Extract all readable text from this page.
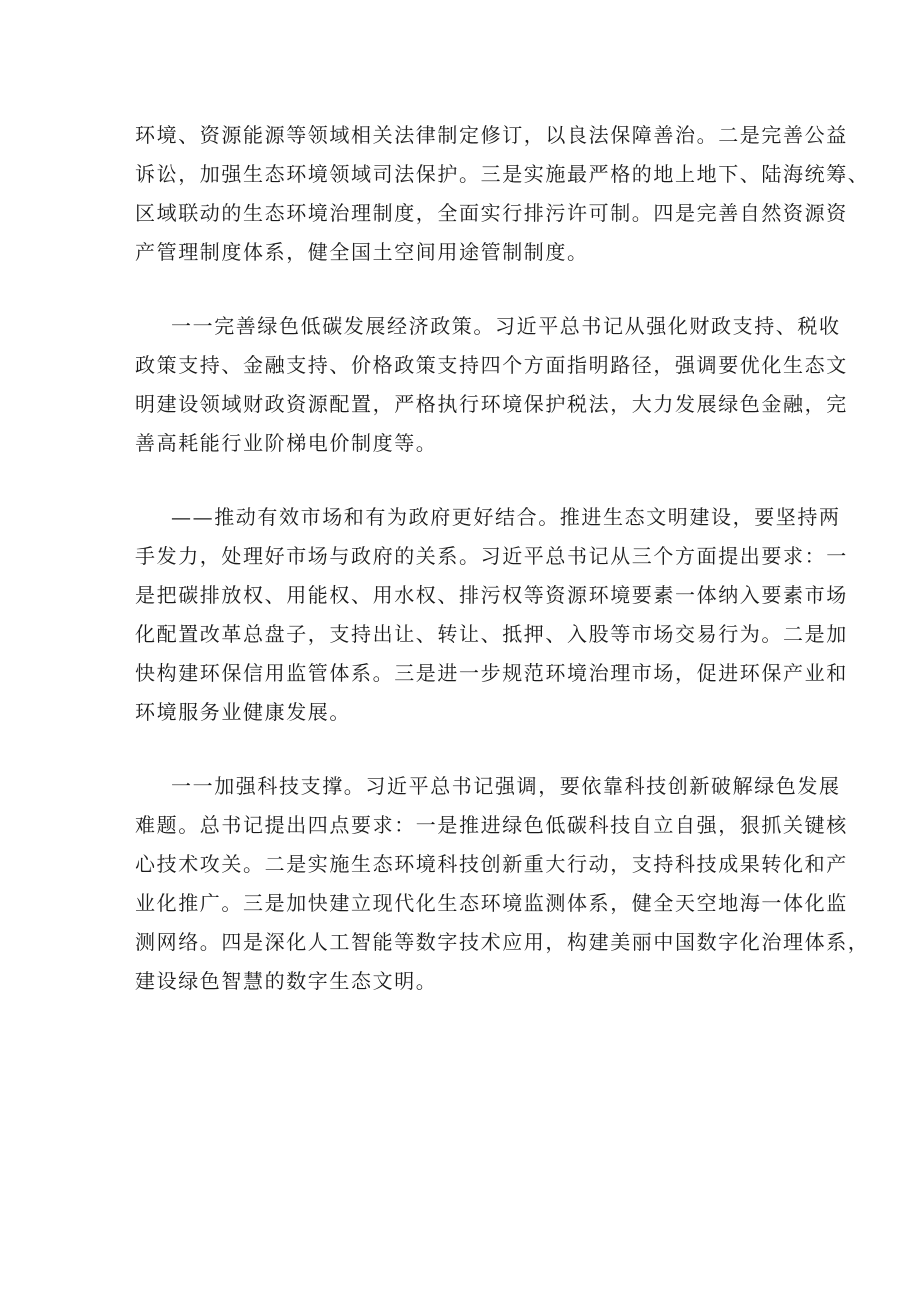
环境、资源能源等领域相关法律制定修订，以良法保障善治。二是完善公益
诉讼，加强生态环境领域司法保护。三是实施最严格的地上地下、陆海统筹、
区域联动的生态环境治理制度，全面实行排污许可制。四是完善自然资源资
产管理制度体系，健全国土空间用途管制制度。

一一完善绿色低碳发展经济政策。习近平总书记从强化财政支持、税收
政策支持、金融支持、价格政策支持四个方面指明路径，强调要优化生态文
明建设领域财政资源配置，严格执行环境保护税法，大力发展绿色金融，完
善高耗能行业阶梯电价制度等。

——推动有效市场和有为政府更好结合。推进生态文明建设，要坚持两
手发力，处理好市场与政府的关系。习近平总书记从三个方面提出要求：一
是把碳排放权、用能权、用水权、排污权等资源环境要素一体纳入要素市场
化配置改革总盘子，支持出让、转让、抵押、入股等市场交易行为。二是加
快构建环保信用监管体系。三是进一步规范环境治理市场，促进环保产业和
环境服务业健康发展。

一一加强科技支撑。习近平总书记强调，要依靠科技创新破解绿色发展
难题。总书记提出四点要求：一是推进绿色低碳科技自立自强，狠抓关键核
心技术攻关。二是实施生态环境科技创新重大行动，支持科技成果转化和产
业化推广。三是加快建立现代化生态环境监测体系，健全天空地海一体化监
测网络。四是深化人工智能等数字技术应用，构建美丽中国数字化治理体系，
建设绿色智慧的数字生态文明。
